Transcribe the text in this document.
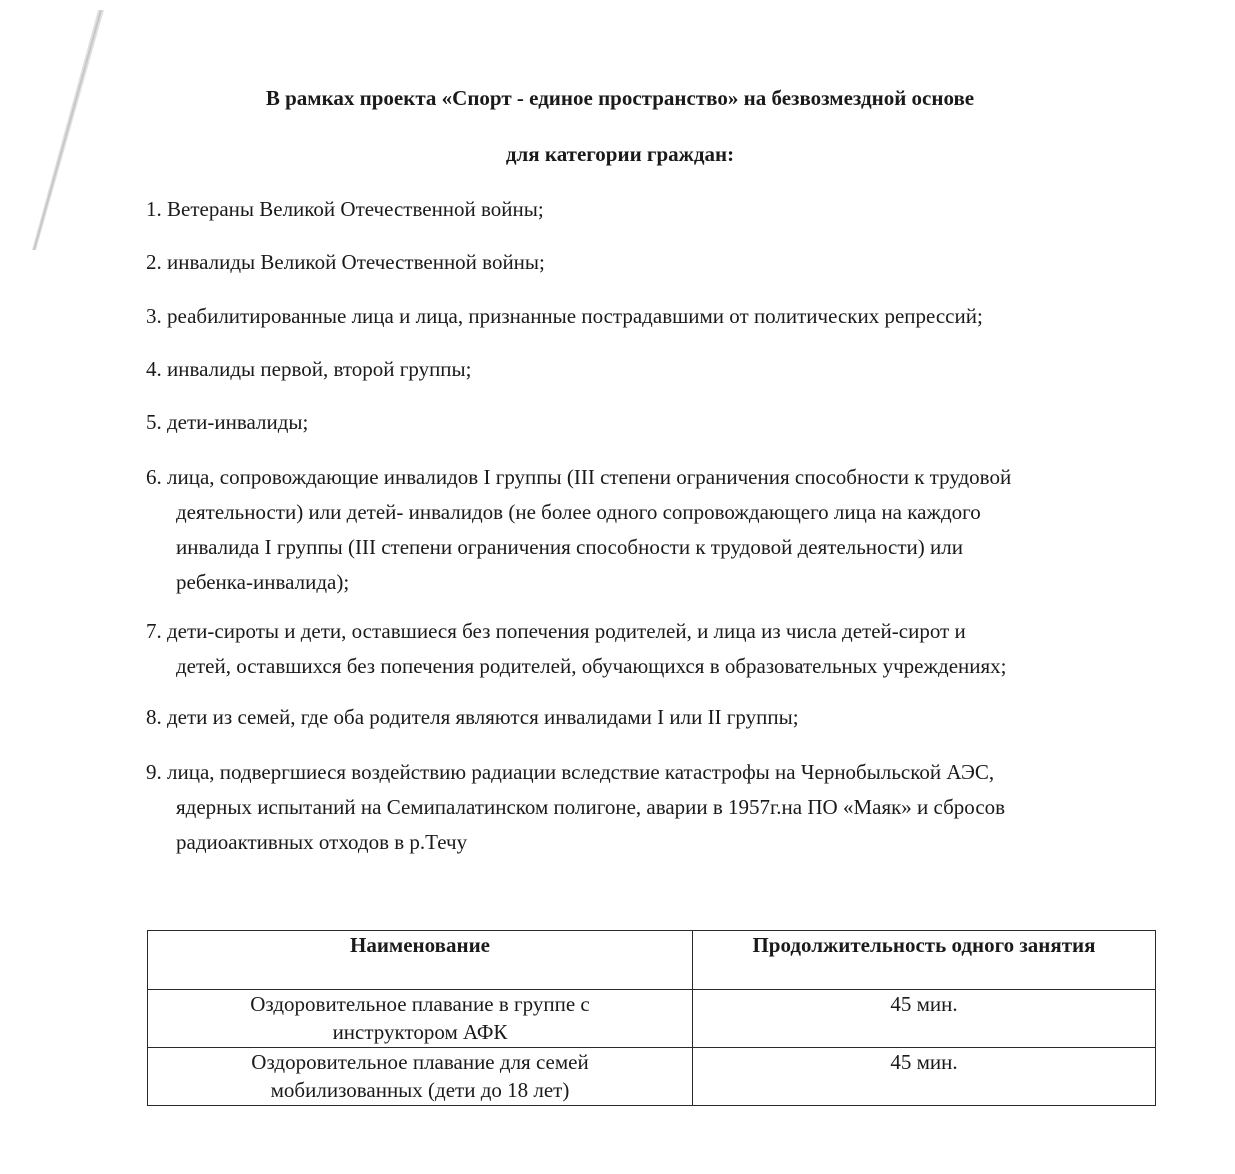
В рамках проекта «Спорт - единое пространство» на безвозмездной основе
для категории граждан:
1. Ветераны Великой Отечественной войны;
2. инвалиды Великой Отечественной войны;
3. реабилитированные лица и лица, признанные пострадавшими от политических репрессий;
4. инвалиды первой, второй группы;
5. дети-инвалиды;
6. лица, сопровождающие инвалидов I группы (III степени ограничения способности к трудовой
деятельности) или детей- инвалидов (не более одного сопровождающего лица на каждого
инвалида I группы (III степени ограничения способности к трудовой деятельности) или
ребенка-инвалида);
7. дети-сироты и дети, оставшиеся без попечения родителей, и лица из числа детей-сирот и
детей, оставшихся без попечения родителей, обучающихся в образовательных учреждениях;
8. дети из семей, где оба родителя являются инвалидами I или II группы;
9. лица, подвергшиеся воздействию радиации вследствие катастрофы на Чернобыльской АЭС,
ядерных испытаний на Семипалатинском полигоне, аварии в 1957г.на ПО «Маяк» и сбросов
радиоактивных отходов в р.Течу
Наименование	Продолжительность одного занятия

Оздоровительное плавание в группе с
инструктором АФК	45 мин.

Оздоровительное плавание для семей
мобилизованных (дети до 18 лет)	45 мин.
